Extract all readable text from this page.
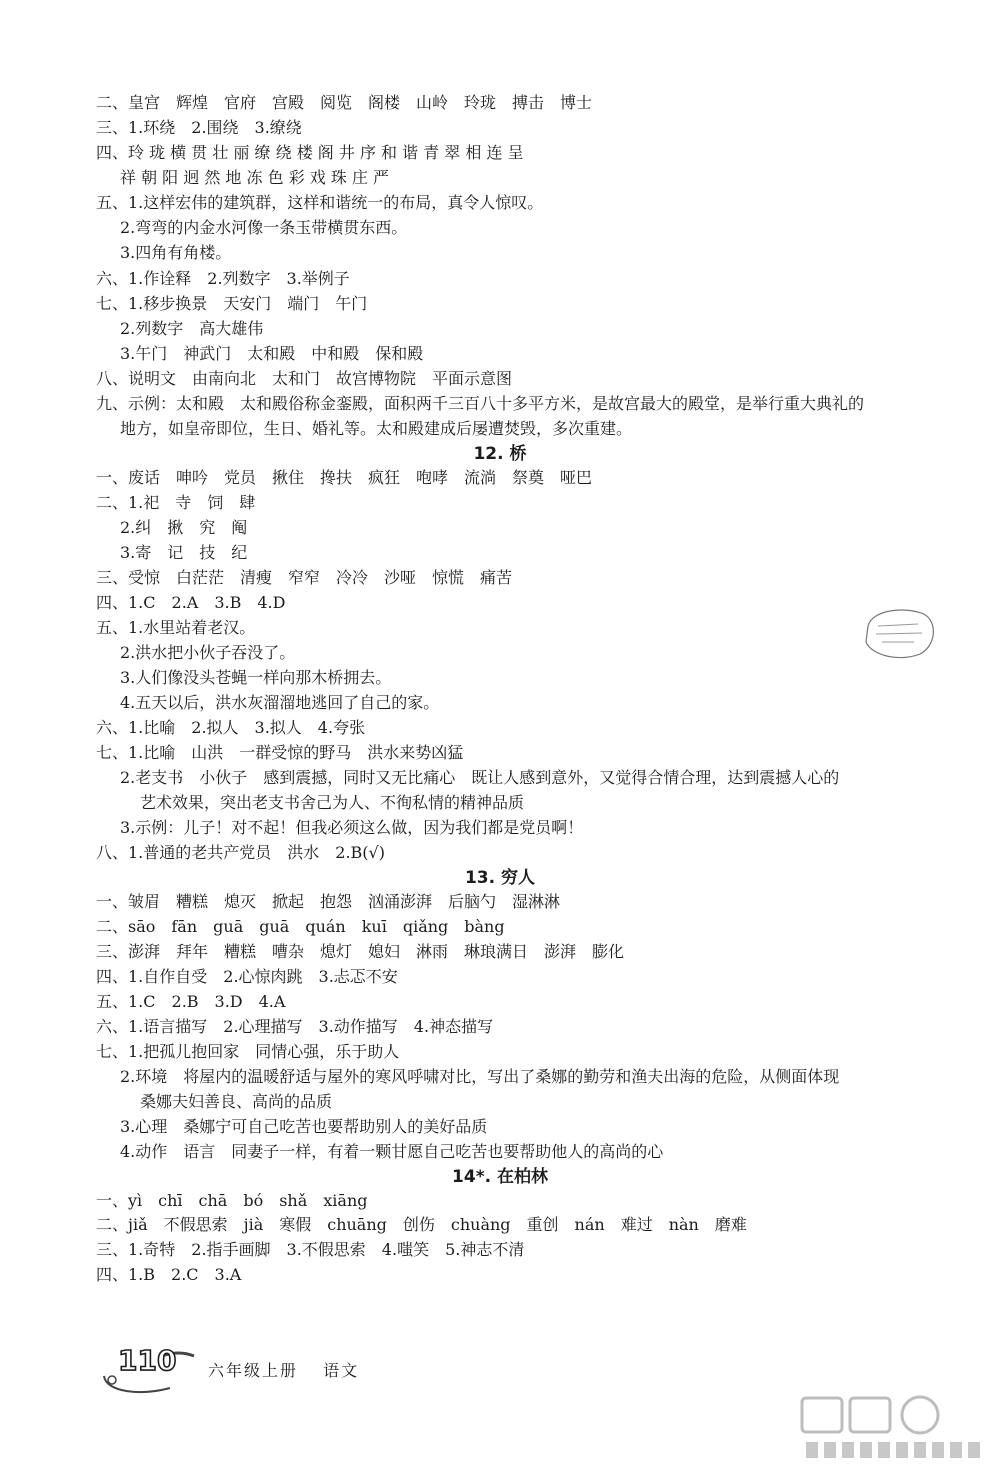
二、皇宫　辉煌　官府　宫殿　阅览　阁楼　山岭　玲珑　搏击　博士
三、1.环绕　2.围绕　3.缭绕
四、玲 珑 横 贯 壮 丽 缭 绕 楼 阁 井 序 和 谐 青 翠 相 连 呈
祥 朝 阳 迥 然 地 冻 色 彩 戏 珠 庄 严
五、1.这样宏伟的建筑群，这样和谐统一的布局，真令人惊叹。
2.弯弯的内金水河像一条玉带横贯东西。
3.四角有角楼。
六、1.作诠释　2.列数字　3.举例子
七、1.移步换景　天安门　端门　午门
2.列数字　高大雄伟
3.午门　神武门　太和殿　中和殿　保和殿
八、说明文　由南向北　太和门　故宫博物院　平面示意图
九、示例：太和殿　太和殿俗称金銮殿，面积两千三百八十多平方米，是故宫最大的殿堂，是举行重大典礼的
地方，如皇帝即位，生日、婚礼等。太和殿建成后屡遭焚毁，多次重建。
12. 桥
一、废话　呻吟　党员　揪住　搀扶　疯狂　咆哮　流淌　祭奠　哑巴
二、1.祀　寺　饲　肆
2.纠　揪　究　阄
3.寄　记　技　纪
三、受惊　白茫茫　清瘦　窄窄　冷冷　沙哑　惊慌　痛苦
四、1.C　2.A　3.B　4.D
五、1.水里站着老汉。
2.洪水把小伙子吞没了。
3.人们像没头苍蝇一样向那木桥拥去。
4.五天以后，洪水灰溜溜地逃回了自己的家。
六、1.比喻　2.拟人　3.拟人　4.夸张
七、1.比喻　山洪　一群受惊的野马　洪水来势凶猛
2.老支书　小伙子　感到震撼，同时又无比痛心　既让人感到意外，又觉得合情合理，达到震撼人心的
艺术效果，突出老支书舍己为人、不徇私情的精神品质
3.示例：儿子！对不起！但我必须这么做，因为我们都是党员啊！
八、1.普通的老共产党员　洪水　2.B(√)
13. 穷人
一、皱眉　糟糕　熄灭　掀起　抱怨　汹涌澎湃　后脑勺　湿淋淋
二、sāo　fān　guā　guā　quán　kuī　qiǎng　bàng
三、澎湃　拜年　糟糕　嘈杂　熄灯　媳妇　淋雨　琳琅满日　澎湃　膨化
四、1.自作自受　2.心惊肉跳　3.忐忑不安
五、1.C　2.B　3.D　4.A
六、1.语言描写　2.心理描写　3.动作描写　4.神态描写
七、1.把孤儿抱回家　同情心强，乐于助人
2.环境　将屋内的温暖舒适与屋外的寒风呼啸对比，写出了桑娜的勤劳和渔夫出海的危险，从侧面体现
桑娜夫妇善良、高尚的品质
3.心理　桑娜宁可自己吃苦也要帮助别人的美好品质
4.动作　语言　同妻子一样，有着一颗甘愿自己吃苦也要帮助他人的高尚的心
14*. 在柏林
一、yì　chī　chā　bó　shǎ　xiāng
二、jiǎ　不假思索　jià　寒假　chuāng　创伤　chuàng　重创　nán　难过　nàn　磨难
三、1.奇特　2.指手画脚　3.不假思索　4.嗤笑　5.神志不清
四、1.B　2.C　3.A
110 六年级上册　 语文
